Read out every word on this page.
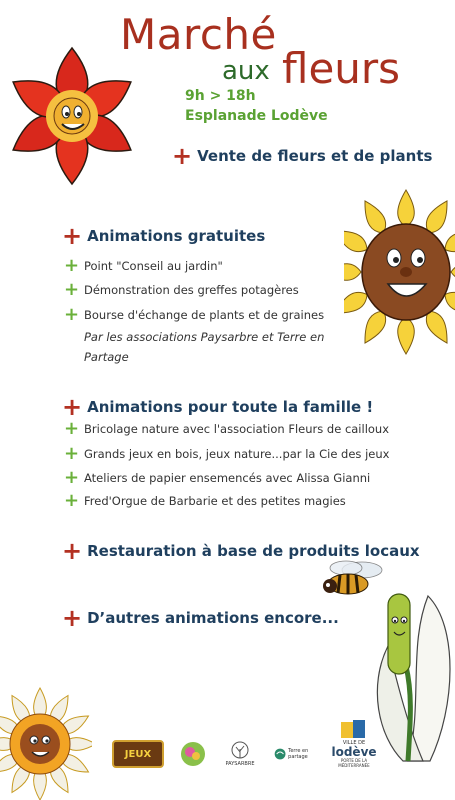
Marché
aux fleurs
9h > 18h
Esplanade Lodève
+ Vente de fleurs et de plants
+ Animations gratuites
+ Point "Conseil au jardin"
+ Démonstration des greffes potagères
+ Bourse d'échange de plants et de graines
Par les associations Paysarbre et Terre en
Partage
+ Animations pour toute la famille !
+ Bricolage nature avec l'association Fleurs de cailloux
+ Grands jeux en bois, jeux nature...par la Cie des jeux
+ Ateliers de papier ensemencés avec Alissa Gianni
+ Fred'Orgue de Barbarie et des petites magies
+ Restauration à base de produits locaux
+ D’autres animations encore...
JEUX
PAYSARBRE
Terre en partage
VILLE DE
lodève
PORTE DE LA
MÉDITERRANÉE
